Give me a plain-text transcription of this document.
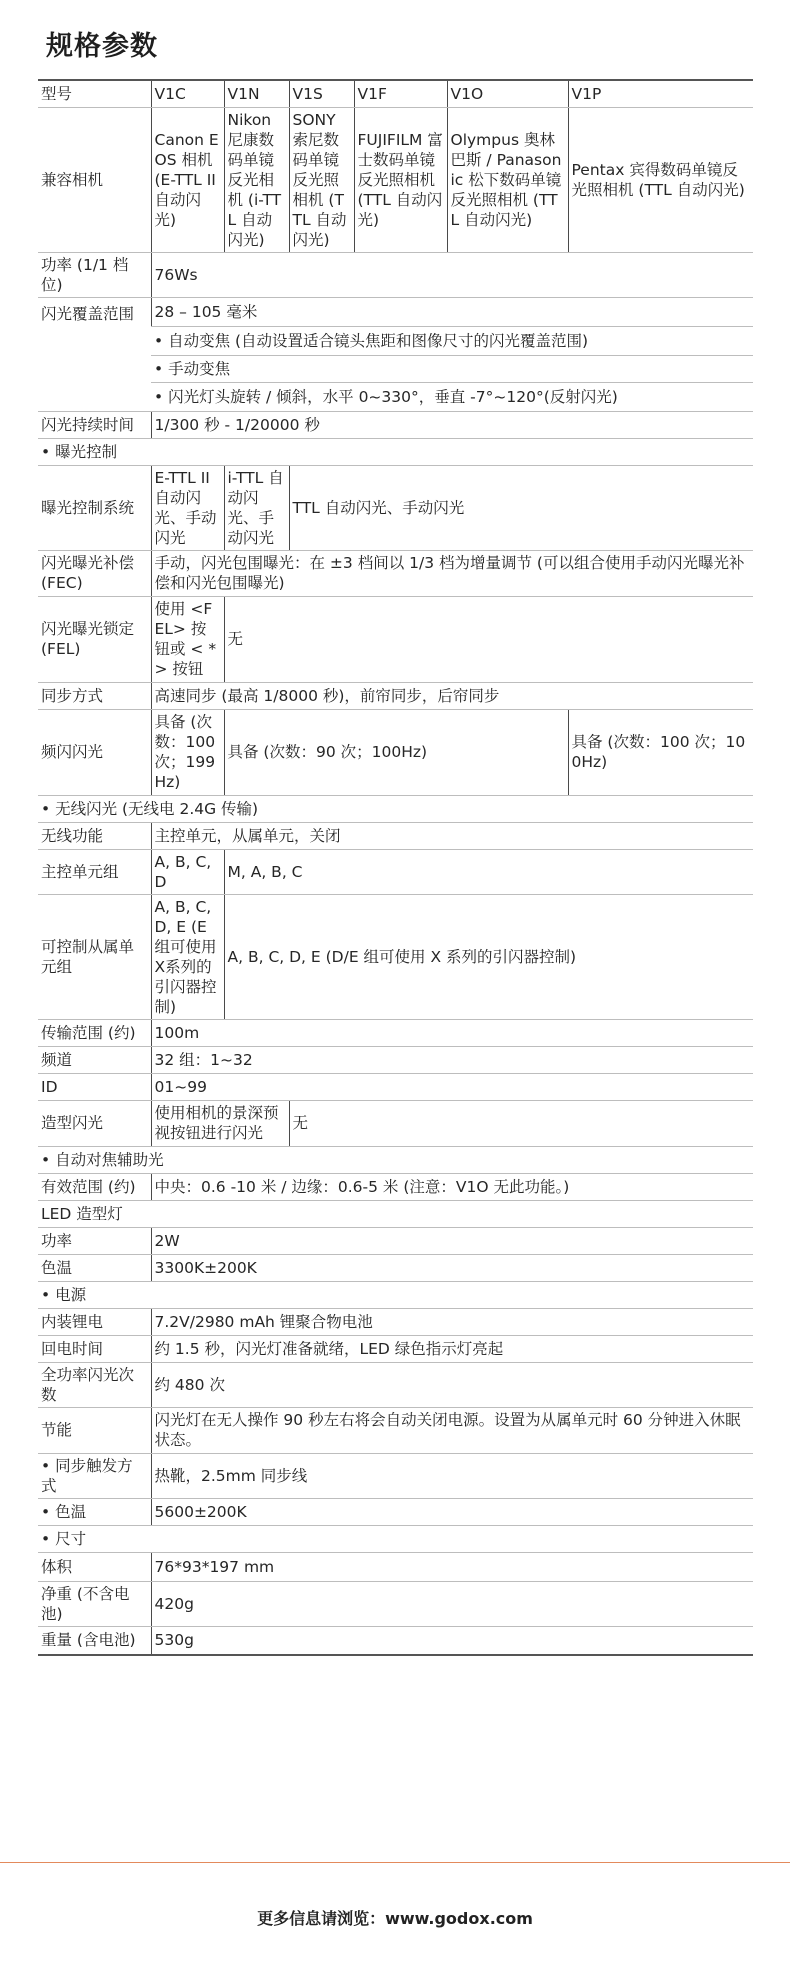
规格参数
型号	V1C	V1N	V1S	V1F	V1O	V1P
兼容相机	Canon EOS 相机 (E-TTL II 自动闪光)	Nikon 尼康数码单镜反光相机 (i-TTL 自动闪光)	SONY 索尼数码单镜反光照相机 (TTL 自动闪光)	FUJIFILM 富士数码单镜反光照相机 (TTL 自动闪光)	Olympus 奥林巴斯 / Panasonic 松下数码单镜反光照相机 (TTL 自动闪光)	Pentax 宾得数码单镜反光照相机 (TTL 自动闪光)
功率 (1/1 档位)	76Ws					
闪光覆盖范围	28 – 105 毫米					
	• 自动变焦 (自动设置适合镜头焦距和图像尺寸的闪光覆盖范围)					
	• 手动变焦					
	• 闪光灯头旋转 / 倾斜，水平 0~330°，垂直 -7°~120°(反射闪光)					
闪光持续时间	1/300 秒 - 1/20000 秒					
• 曝光控制						
曝光控制系统	E-TTL II 自动闪光、手动闪光	i-TTL 自动闪光、手动闪光	TTL 自动闪光、手动闪光			
闪光曝光补偿 (FEC)	手动，闪光包围曝光：在 ±3 档间以 1/3 档为增量调节 (可以组合使用手动闪光曝光补偿和闪光包围曝光)					
闪光曝光锁定 (FEL)	使用 <FEL> 按钮或 < * > 按钮	无				
同步方式	高速同步 (最高 1/8000 秒)，前帘同步，后帘同步					
频闪闪光	具备 (次数：100 次；199Hz)	具备 (次数：90 次；100Hz)				具备 (次数：100 次；100Hz)
• 无线闪光 (无线电 2.4G 传输)						
无线功能	主控单元，从属单元，关闭					
主控单元组	A, B, C, D	M, A, B, C				
可控制从属单元组	A, B, C, D, E (E 组可使用X系列的引闪器控制)	A, B, C, D, E (D/E 组可使用 X 系列的引闪器控制)				
传输范围 (约)	100m					
频道	32 组：1~32					
ID	01~99					
造型闪光	使用相机的景深预视按钮进行闪光		无			
• 自动对焦辅助光						
有效范围 (约)	中央：0.6 -10 米 / 边缘：0.6-5 米 (注意：V1O 无此功能。)					
LED 造型灯						
功率	2W					
色温	3300K±200K					
• 电源						
内装锂电	7.2V/2980 mAh 锂聚合物电池					
回电时间	约 1.5 秒，闪光灯准备就绪，LED 绿色指示灯亮起					
全功率闪光次数	约 480 次					
节能	闪光灯在无人操作 90 秒左右将会自动关闭电源。设置为从属单元时 60 分钟进入休眠状态。					
• 同步触发方式	热靴，2.5mm 同步线					
• 色温	5600±200K					
• 尺寸						
体积	76*93*197 mm					
净重 (不含电池)	420g					
重量 (含电池)	530g					
更多信息请浏览：www.godox.com
